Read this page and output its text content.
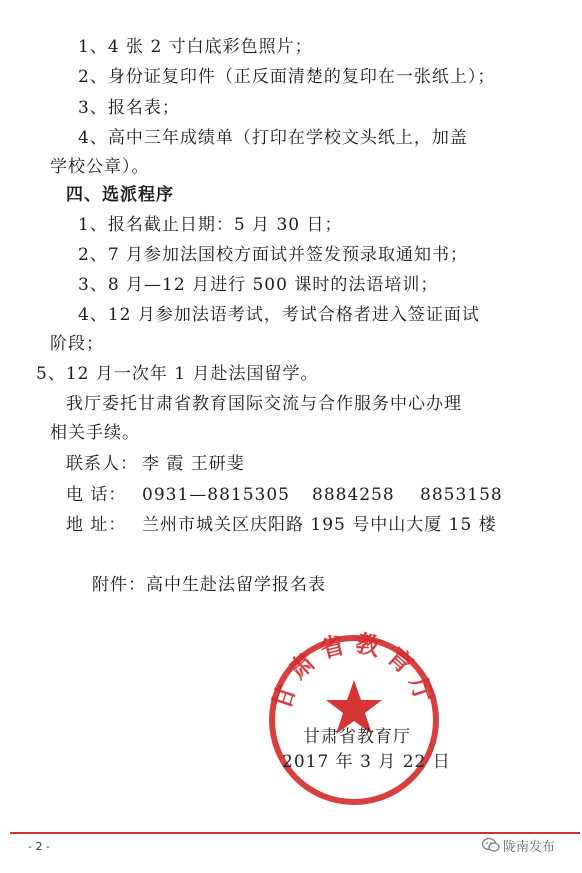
1、4 张 2 寸白底彩色照片；
2、身份证复印件（正反面清楚的复印在一张纸上）；
3、报名表；
4、高中三年成绩单（打印在学校文头纸上，加盖
学校公章）。
四、选派程序
1、报名截止日期：5 月 30 日；
2、7 月参加法国校方面试并签发预录取通知书；
3、8 月—12 月进行 500 课时的法语培训；
4、12 月参加法语考试，考试合格者进入签证面试
阶段；
5、12 月一次年 1 月赴法国留学。
我厅委托甘肃省教育国际交流与合作服务中心办理
相关手续。
联系人： 李 霞 王研斐
电 话： 0931—8815305 8884258 8853158
地 址： 兰州市城关区庆阳路 195 号中山大厦 15 楼
附件：高中生赴法留学报名表
甘肃省教育厅
甘肃省教育厅
2017 年 3 月 22 日
- 2 -	陇南发布
